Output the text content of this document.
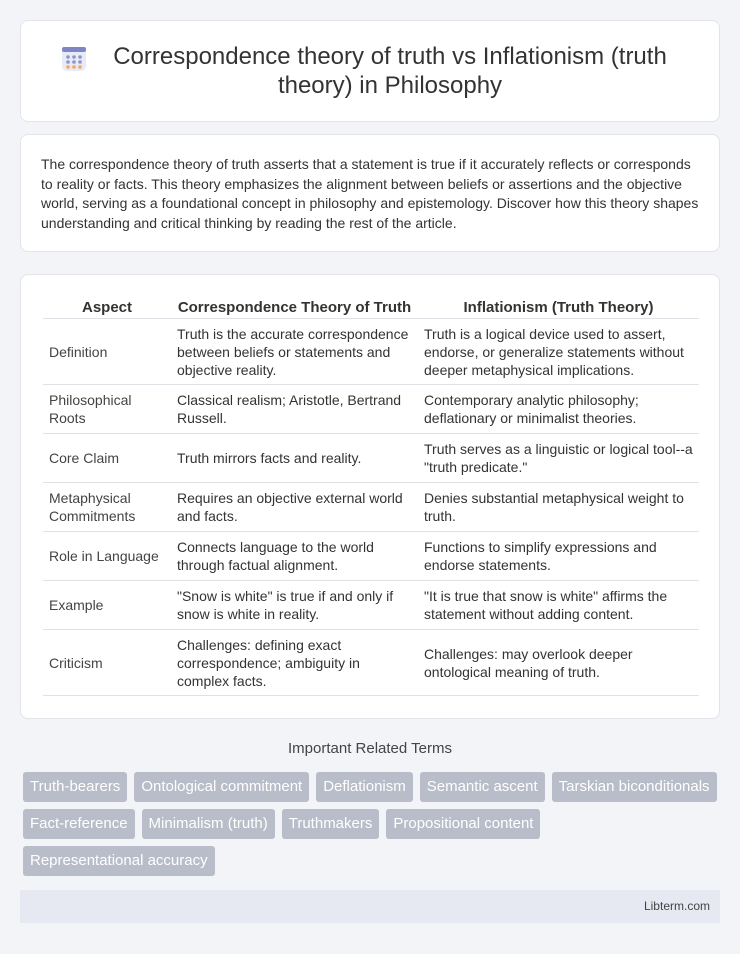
Correspondence theory of truth vs Inflationism (truth theory) in Philosophy

The correspondence theory of truth asserts that a statement is true if it accurately reflects or corresponds to reality or facts. This theory emphasizes the alignment between beliefs or assertions and the objective world, serving as a foundational concept in philosophy and epistemology. Discover how this theory shapes understanding and critical thinking by reading the rest of the article.

Aspect	Correspondence Theory of Truth	Inflationism (Truth Theory)
Definition	Truth is the accurate correspondence between beliefs or statements and objective reality.	Truth is a logical device used to assert, endorse, or generalize statements without deeper metaphysical implications.
Philosophical Roots	Classical realism; Aristotle, Bertrand Russell.	Contemporary analytic philosophy; deflationary or minimalist theories.
Core Claim	Truth mirrors facts and reality.	Truth serves as a linguistic or logical tool--a "truth predicate."
Metaphysical Commitments	Requires an objective external world and facts.	Denies substantial metaphysical weight to truth.
Role in Language	Connects language to the world through factual alignment.	Functions to simplify expressions and endorse statements.
Example	"Snow is white" is true if and only if snow is white in reality.	"It is true that snow is white" affirms the statement without adding content.
Criticism	Challenges: defining exact correspondence; ambiguity in complex facts.	Challenges: may overlook deeper ontological meaning of truth.
Important Related Terms
Truth-bearers	Ontological commitment	Deflationism	Semantic ascent	Tarskian biconditionals
Fact-reference	Minimalism (truth)	Truthmakers	Propositional content
Representational accuracy
Libterm.com
